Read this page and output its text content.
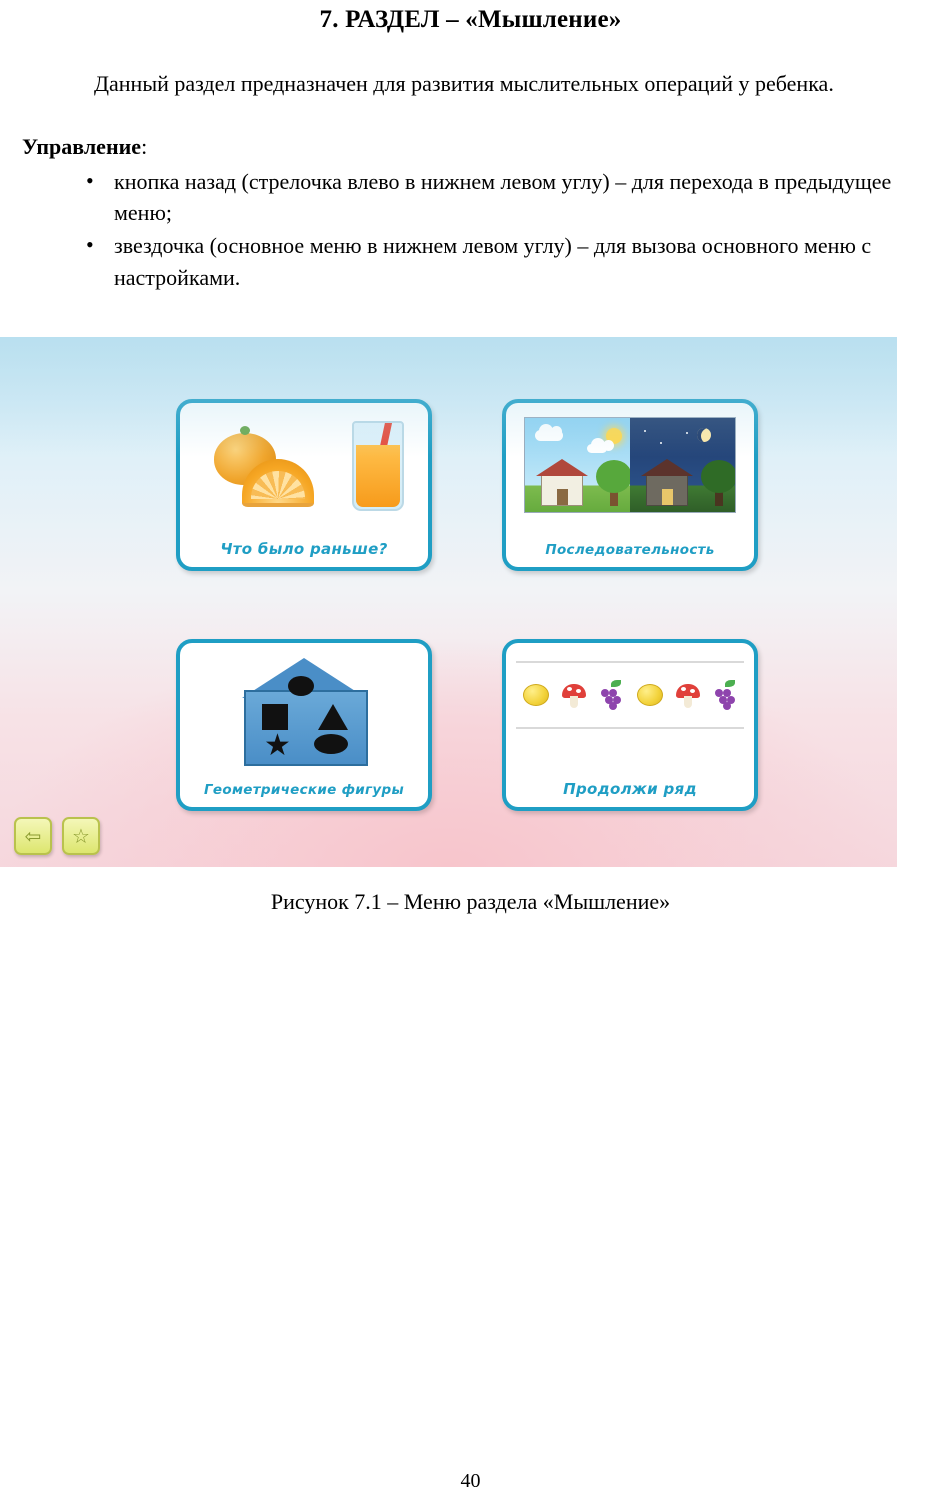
7. РАЗДЕЛ – «Мышление»

Данный раздел предназначен для развития мыслительных операций у ребенка.

Управление:

• кнопка назад (стрелочка влево в нижнем левом углу) – для перехода в предыдущее меню;
• звездочка (основное меню в нижнем левом углу) – для вызова основного меню с настройками.
Что было раньше?	Последовательность
Геометрические фигуры	Продолжи ряд
⇦ ☆

Рисунок 7.1 – Меню раздела «Мышление»

40
